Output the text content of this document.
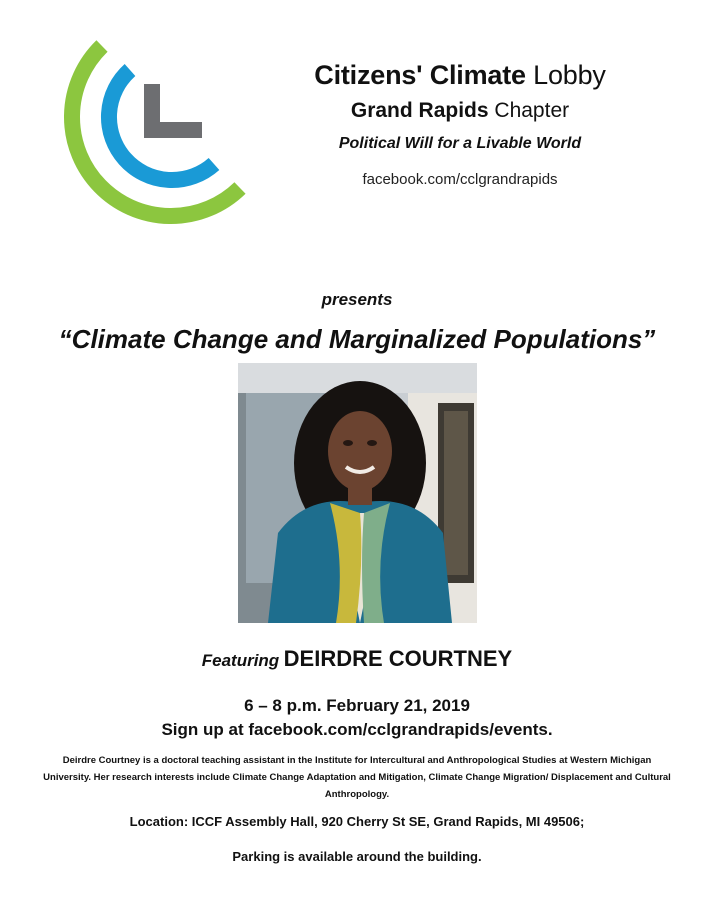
Citizens' Climate Lobby
Grand Rapids Chapter
Political Will for a Livable World
facebook.com/cclgrandrapids
presents
“Climate Change and Marginalized Populations”
Featuring DEIRDRE COURTNEY
6 – 8 p.m. February 21, 2019
Sign up at facebook.com/cclgrandrapids/events.
Deirdre Courtney is a doctoral teaching assistant in the Institute for Intercultural and Anthropological Studies at Western Michigan University. Her research interests include Climate Change Adaptation and Mitigation, Climate Change Migration/ Displacement and Cultural Anthropology.
Location: ICCF Assembly Hall, 920 Cherry St SE, Grand Rapids, MI 49506;
Parking is available around the building.
